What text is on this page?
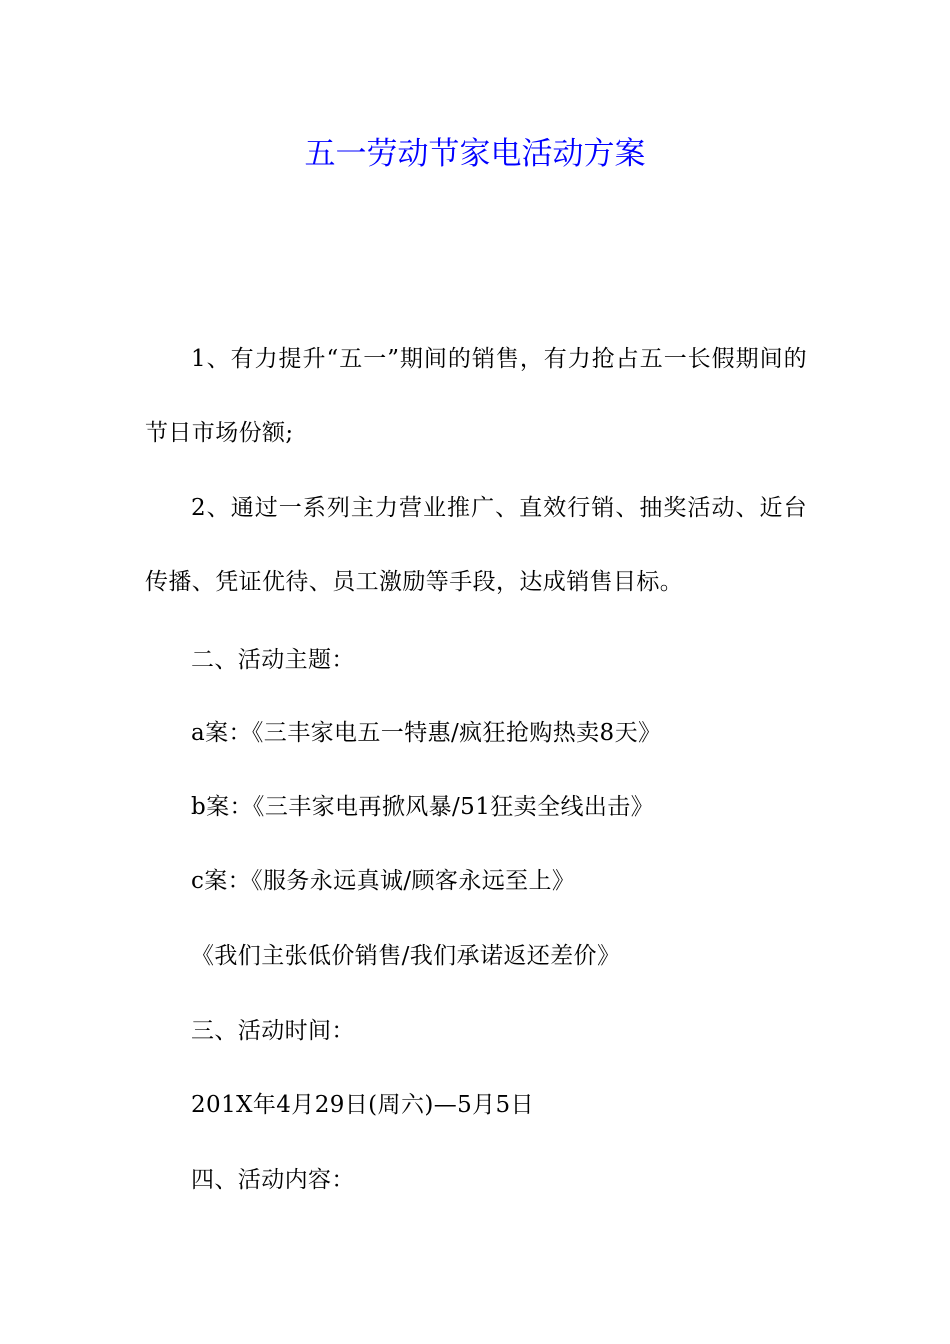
五一劳动节家电活动方案

1、有力提升“五一”期间的销售，有力抢占五一长假期间的节日市场份额;

2、通过一系列主力营业推广、直效行销、抽奖活动、近台传播、凭证优待、员工激励等手段，达成销售目标。

二、活动主题：

a案：《三丰家电五一特惠/疯狂抢购热卖8天》

b案：《三丰家电再掀风暴/51狂卖全线出击》

c案：《服务永远真诚/顾客永远至上》

《我们主张低价销售/我们承诺返还差价》

三、活动时间：

201X年4月29日(周六)—5月5日

四、活动内容：
